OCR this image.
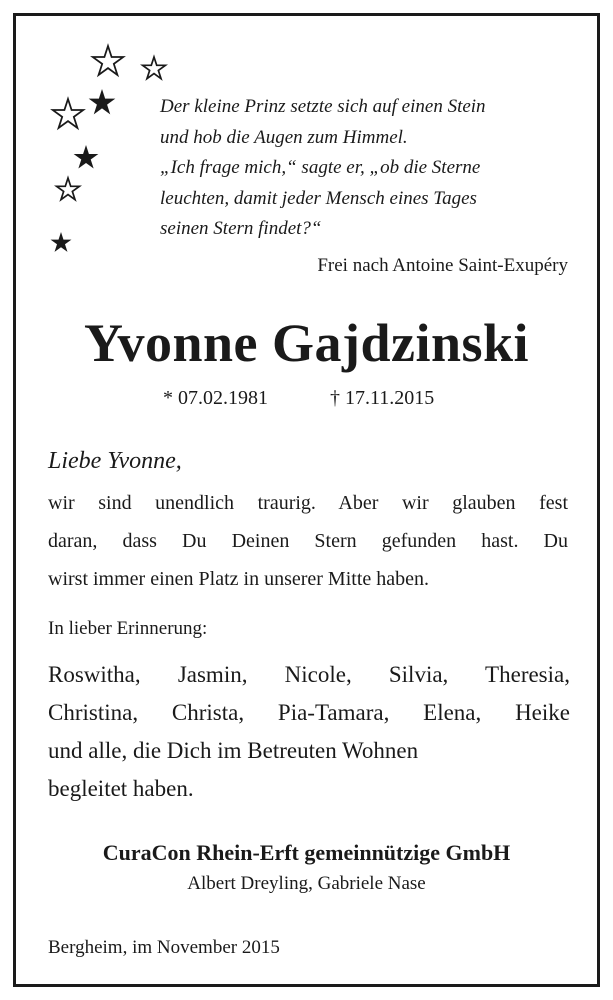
Der kleine Prinz setzte sich auf einen Stein
und hob die Augen zum Himmel.
„Ich frage mich,“ sagte er, „ob die Sterne
leuchten, damit jeder Mensch eines Tages
seinen Stern findet?“
Frei nach Antoine Saint-Exupéry
Yvonne Gajdzinski
* 07.02.1981	† 17.11.2015
Liebe Yvonne,
wir sind unendlich traurig. Aber wir glauben fest
daran, dass Du Deinen Stern gefunden hast. Du
wirst immer einen Platz in unserer Mitte haben.
In lieber Erinnerung:
Roswitha, Jasmin, Nicole, Silvia, Theresia,
Christina, Christa, Pia-Tamara, Elena, Heike
und alle, die Dich im Betreuten Wohnen
begleitet haben.
CuraCon Rhein-Erft gemeinnützige GmbH
Albert Dreyling, Gabriele Nase
Bergheim, im November 2015
